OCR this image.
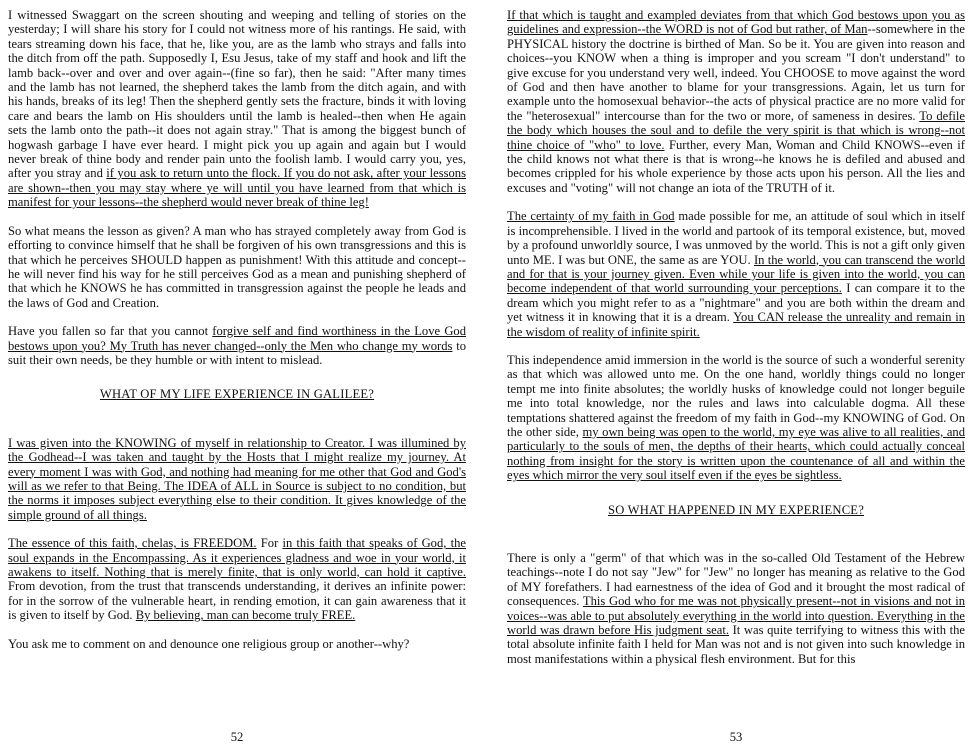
I witnessed Swaggart on the screen shouting and weeping and telling of stories on the yesterday; I will share his story for I could not witness more of his rantings. He said, with tears streaming down his face, that he, like you, are as the lamb who strays and falls into the ditch from off the path. Supposedly I, Esu Jesus, take of my staff and hook and lift the lamb back--over and over and over again--(fine so far), then he said: "After many times and the lamb has not learned, the shepherd takes the lamb from the ditch again, and with his hands, breaks of its leg! Then the shepherd gently sets the fracture, binds it with loving care and bears the lamb on His shoulders until the lamb is healed--then when He again sets the lamb onto the path--it does not again stray." That is among the biggest bunch of hogwash garbage I have ever heard. I might pick you up again and again but I would never break of thine body and render pain unto the foolish lamb. I would carry you, yes, after you stray and if you ask to return unto the flock. If you do not ask, after your lessons are shown--then you may stay where ye will until you have learned from that which is manifest for your lessons--the shepherd would never break of thine leg!

So what means the lesson as given? A man who has strayed completely away from God is efforting to convince himself that he shall be forgiven of his own transgressions and this is that which he perceives SHOULD happen as punishment! With this attitude and concept--he will never find his way for he still perceives God as a mean and punishing shepherd of that which he KNOWS he has committed in transgression against the people he leads and the laws of God and Creation.

Have you fallen so far that you cannot forgive self and find worthiness in the Love God bestows upon you? My Truth has never changed--only the Men who change my words to suit their own needs, be they humble or with intent to mislead.

WHAT OF MY LIFE EXPERIENCE IN GALILEE?

I was given into the KNOWING of myself in relationship to Creator. I was illumined by the Godhead--I was taken and taught by the Hosts that I might realize my journey. At every moment I was with God, and nothing had meaning for me other that God and God's will as we refer to that Being. The IDEA of ALL in Source is subject to no condition, but the norms it imposes subject everything else to their condition. It gives knowledge of the simple ground of all things.

The essence of this faith, chelas, is FREEDOM. For in this faith that speaks of God, the soul expands in the Encompassing. As it experiences gladness and woe in your world, it awakens to itself. Nothing that is merely finite, that is only world, can hold it captive. From devotion, from the trust that transcends understanding, it derives an infinite power: for in the sorrow of the vulnerable heart, in rending emotion, it can gain awareness that it is given to itself by God. By believing, man can become truly FREE.

You ask me to comment on and denounce one religious group or another--why?

52

If that which is taught and exampled deviates from that which God bestows upon you as guidelines and expression--the WORD is not of God but rather, of Man--somewhere in the PHYSICAL history the doctrine is birthed of Man. So be it. You are given into reason and choices--you KNOW when a thing is improper and you scream "I don't understand" to give excuse for you understand very well, indeed. You CHOOSE to move against the word of God and then have another to blame for your transgressions. Again, let us turn for example unto the homosexual behavior--the acts of physical practice are no more valid for the "heterosexual" intercourse than for the two or more, of sameness in desires. To defile the body which houses the soul and to defile the very spirit is that which is wrong--not thine choice of "who" to love. Further, every Man, Woman and Child KNOWS--even if the child knows not what there is that is wrong--he knows he is defiled and abused and becomes crippled for his whole experience by those acts upon his person. All the lies and excuses and "voting" will not change an iota of the TRUTH of it.

The certainty of my faith in God made possible for me, an attitude of soul which in itself is incomprehensible. I lived in the world and partook of its temporal existence, but, moved by a profound unworldly source, I was unmoved by the world. This is not a gift only given unto ME. I was but ONE, the same as are YOU. In the world, you can transcend the world and for that is your journey given. Even while your life is given into the world, you can become independent of that world surrounding your perceptions. I can compare it to the dream which you might refer to as a "nightmare" and you are both within the dream and yet witness it in knowing that it is a dream. You CAN release the unreality and remain in the wisdom of reality of infinite spirit.

This independence amid immersion in the world is the source of such a wonderful serenity as that which was allowed unto me. On the one hand, worldly things could no longer tempt me into finite absolutes; the worldly husks of knowledge could not longer beguile me into total knowledge, nor the rules and laws into calculable dogma. All these temptations shattered against the freedom of my faith in God--my KNOWING of God. On the other side, my own being was open to the world, my eye was alive to all realities, and particularly to the souls of men, the depths of their hearts, which could actually conceal nothing from insight for the story is written upon the countenance of all and within the eyes which mirror the very soul itself even if the eyes be sightless.

SO WHAT HAPPENED IN MY EXPERIENCE?

There is only a "germ" of that which was in the so-called Old Testament of the Hebrew teachings--note I do not say "Jew" for "Jew" no longer has meaning as relative to the God of MY forefathers. I had earnestness of the idea of God and it brought the most radical of consequences. This God who for me was not physically present--not in visions and not in voices--was able to put absolutely everything in the world into question. Everything in the world was drawn before His judgment seat. It was quite terrifying to witness this with the total absolute infinite faith I held for Man was not and is not given into such knowledge in most manifestations within a physical flesh environment. But for this

53
